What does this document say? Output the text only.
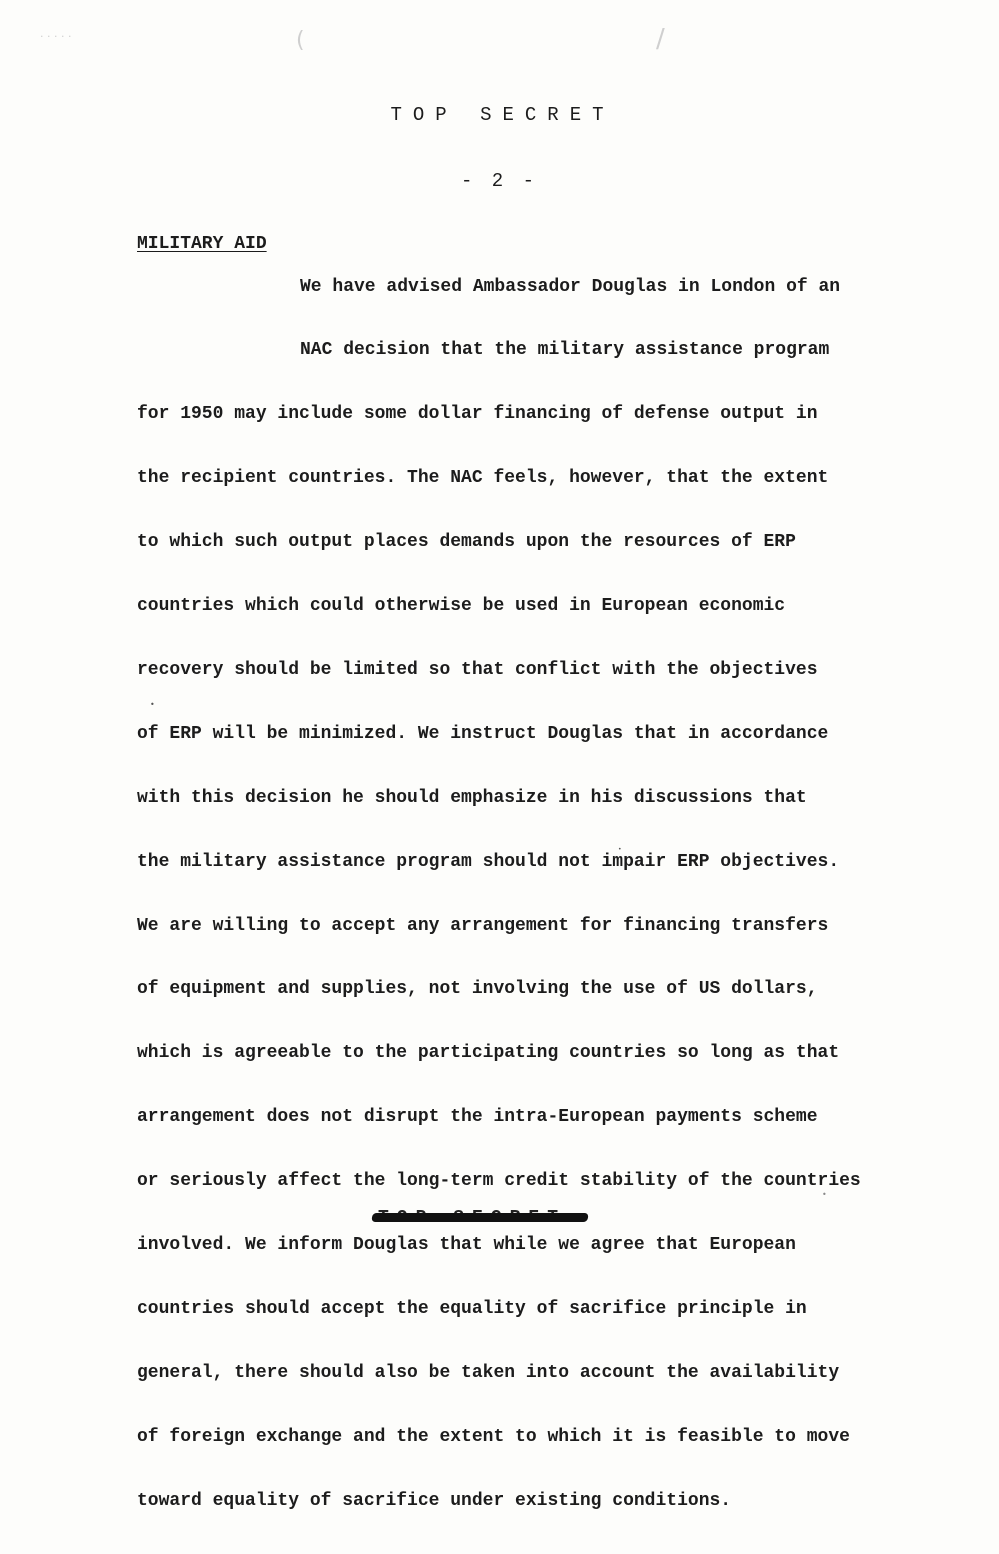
· · · · ·	(	/
TOP SECRET
- 2 -
MILITARY AID

We have advised Ambassador Douglas in London of an

NAC decision that the military assistance program

for 1950 may include some dollar financing of defense output in

the recipient countries. The NAC feels, however, that the extent

to which such output places demands upon the resources of ERP

countries which could otherwise be used in European economic

recovery should be limited so that conflict with the objectives

of ERP will be minimized. We instruct Douglas that in accordance

with this decision he should emphasize in his discussions that

the military assistance program should not impair ERP objectives.

We are willing to accept any arrangement for financing transfers

of equipment and supplies, not involving the use of US dollars,

which is agreeable to the participating countries so long as that

arrangement does not disrupt the intra-European payments scheme

or seriously affect the long-term credit stability of the countries

involved. We inform Douglas that while we agree that European

countries should accept the equality of sacrifice principle in

general, there should also be taken into account the availability

of foreign exchange and the extent to which it is feasible to move

toward equality of sacrifice under existing conditions.

•
•
•
